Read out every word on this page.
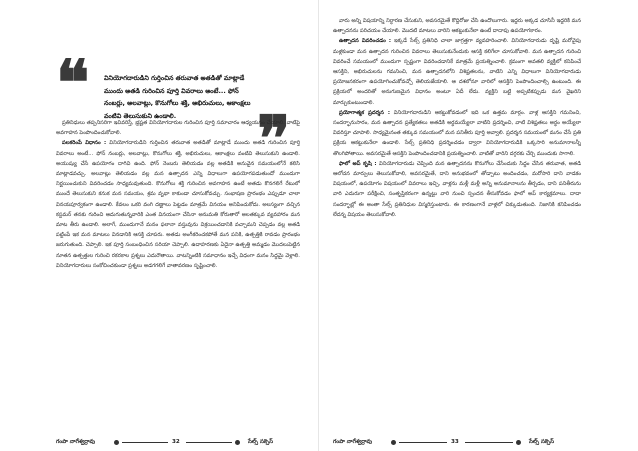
❝ వినియోగదారుడిని గుర్తించిన తరువాత అతడితో మాట్లాడే ముందు అతడి గురించిన పూర్తి వివరాలు అంటే... ఫోన్ నంబర్లు, అలవాట్లు, కొనుగోలు శక్తి, అభిరుచులు, ఆకాంక్షలు వంటివి తెలుసుకుని ఉండాలి.	❞

ప్రతినిధులు తప్పనిసరిగా ఇవివరిస్తే, భ్రష్టత వినియోగదారుల గురించిన పూర్తి సమాచారం ఆధ్యయనం చేయాలి. వాటిపై అవగాహన పెంపొందించుకోవాలి.

పలకరింపే విధానం : వినియోగదారుడిని గుర్తించిన తరువాత అతడితో మాట్లాడే ముందు అతడి గురించిన పూర్తి వివరాలు అంటే... ఫోన్ నంబర్లు, అలవాట్లు, కొనుగోలు శక్తి, అభిరుచులు, ఆకాంక్షలు వంటివి తెలుసుకుని ఉండాలి. అయుష్యు చేసే ఉపయోగం దాగివి ఉంది. ఫోన్ నెంబరు తెలియడం వల్ల అతడికి అనువైన సమయంలోనే కలిసి మాట్లాడవచ్చు. అలవాట్లు తెలియడం వల్ల మన ఉత్పాదన ఎన్ని విధాలుగా ఉపయోగపడుతుందో ముందుగా నిర్ణయించుకుని వివరించడం సాధ్యమవుతుంది. కొనుగోలు శక్తి గురించిన అవగాహన ఉంటే అతడు కొనగలిగే రేటులో ముందే తెలుసుకుని కనుక మన సమయం, శ్రమ వృథా కాకుండా చూసుకోవచ్చు. సంభాషణ ప్రారంభం ఎప్పుడూ చాలా వినయపూర్వకంగా ఉండాలి. కేవలం ఒకరి వంగి దణ్ణాలు పెట్టడం మాత్రమే వినయం అనిపించుకోదు. అలస్యంగా వచ్చిన కస్టమర్ తనకు గురించి ఆదుగుతున్నవారికి ఎంత వినయంగా చేసినా అనుమతి కోరుతారో అలతక్కువ వ్యవహారం మన మాట తీరు ఉండాలి. అలాగే, ముందుగానే మనం ఫలానా వస్తువును విక్రయించడానికి వచ్చామని చెప్పడం వల్ల అతడి పట్టింపే ఇక మన మాటలు వినడానికి ఆసక్తి చూపరు. అతడు అంగీకరించకపోతే మన పనికి, ఉత్పత్తికి రావడం ప్రారంభం జరుగుతుంది. చెప్పాలి. ఇక పూర్తి సంబంధించిన సరియా చెప్పాలి. ఉదాహరణకు ఏదైనా ఉత్పత్తి అమ్మడం మొదలుపెట్టిన నూతన ఉత్పత్తుల గురించి రకరకాల ప్రశ్నలు ఎదురౌతాయి. వాటన్నింటికి సమాధానం ఇచ్చే విధంగా మనం సిద్ధమై వెళ్లాలి. వినియోగదారులు సంకోచించకుండా ప్రశ్నలు అడగగలిగే వాతావరణం సృష్టించాలి.

గంపా నాగేశ్వర్రావు	32	సేల్స్ సక్సెస్

వారు అన్ని విషయాన్ని నిర్ధారణ చేసుకుని, అవసరమైతే కొద్దిరోజు చేసి ఉందొలుగారు. ఇద్దరు అక్కడ చూసినీ ఇద్దరికి మన ఉత్పాదనను పరిచయం చేయాలి. మొదటి మాటలు వారిని ఆకట్టుకునేలా ఉంటే దాదాపు ఉపయోగకారం.

ఉత్పాదన వివరించడం : ఇక్కడే సేల్స్ ప్రతినిధి చాలా జాగ్రత్తగా వ్యవహరించాలి. వినియోగదారుడు దృష్టి మరోవైపు మళ్లకుండా మన ఉత్పాదన గురించిన వివరాలు తెలుసుకునేందుకు ఆసక్తి కలిగేలా చూసుకోవాలి. మన ఉత్పాదన గురించి వివరించే సమయంలో ముందుగా స్పష్టంగా వివరించడానికే మాత్రమే ప్రయత్నించాలి. క్రమంగా అవతలి వ్యక్తిలో కనిపించే ఆసక్తిని, అభిరుచులను గమనించి, మన ఉత్పాదనలోని విశిష్టతలను, వాటిని ఎన్ని విధాలుగా వినియోగదారుడు ప్రయోజనకరంగా ఉపయోగించుకోవచ్చో తెలియజేయాలి. ఆ దశలోనూ వారిలో ఆసక్తిని పెంపొందించాల్సి ఉంటుంది. ఈ ప్రక్రియలో అందరితో అనుగుణమైన విధానం అంటూ ఏదీ లేదు. వ్యక్తిని బట్టి అప్పటికప్పుడు మన వైఖరిని మార్చుకుంటుండాలి.

ప్రయోగాత్మక ప్రదర్శన : వినియోగదారుడిని ఆకట్టుకోవడంలో ఇది ఒక ఉత్తమ మార్గం. వాళ్ల ఆసక్తిని గమనించి, సందర్భానుసారం, మన ఉత్పాదన ప్రత్యేకతలు అతడికి అర్థమయ్యేలా వాటిని ప్రదర్శించి, వాటి విశిష్టతలు అర్థం అయ్యేలా వివరిస్తూ చూపాలి. సాధ్యమైనంత తక్కువ సమయంలో మన పనితీరు పూర్తి అవ్వాలి. ప్రదర్శన సమయంలో మనం చేసే ప్రతి ప్రక్రియ ఆకట్టుకునేలా ఉండాలి. సేల్స్ ప్రతినిధి ప్రదర్శించడం ద్వారా వినియోగదారుడికి ఒక్కసారి అనుమానాలన్నీ తొలగిపోతాయి. అవసరమైతే ఆసక్తిని పెంపొందించడానికి ప్రయత్నించాలి. వాటితో వారిని దగ్గరకు చేర్చి ముందుకు సాగాలి.

ఫాలో అప్ కృషి : వినియోగదారుడు చెప్పింది మన ఉత్పాదనను కొనుగోలు చేసేందుకు సిద్ధం చేసిన తరువాత, అతడి ఆలోచన మార్పులు తెలుసుకోవాలి, అవసరమైతే, దాని అనుభవంలో తోడ్పాటు అందించడం, మరోసారి దాని వాడకం విషయంలో, ఉపయోగం విషయంలో వివరాలు ఇచ్చి, వాళ్లను మళ్లీ మళ్లీ అన్ని అనుమానాలను తీర్చడం, దాని పనితీరును వారి ఎదురుగా పరీక్షించి, సంతృప్తికరంగా ఉన్నట్టు వారి నుంచి స్పందన తీసుకోవడం ఫాలో అప్ కార్యక్రమాలు. దాదా సందర్భాల్లో ఈ అంతా సేల్స్ ప్రతినిధుల విస్మరిస్తుంటారు. ఈ కారణంగానే వాళ్లలో చిక్కుడుతుంది. నిజానికి కనిపించడం లేదన్న విషయం తెలుసుకోవాలి.

గంపా నాగేశ్వర్రావు	33	సేల్స్ సక్సెస్
